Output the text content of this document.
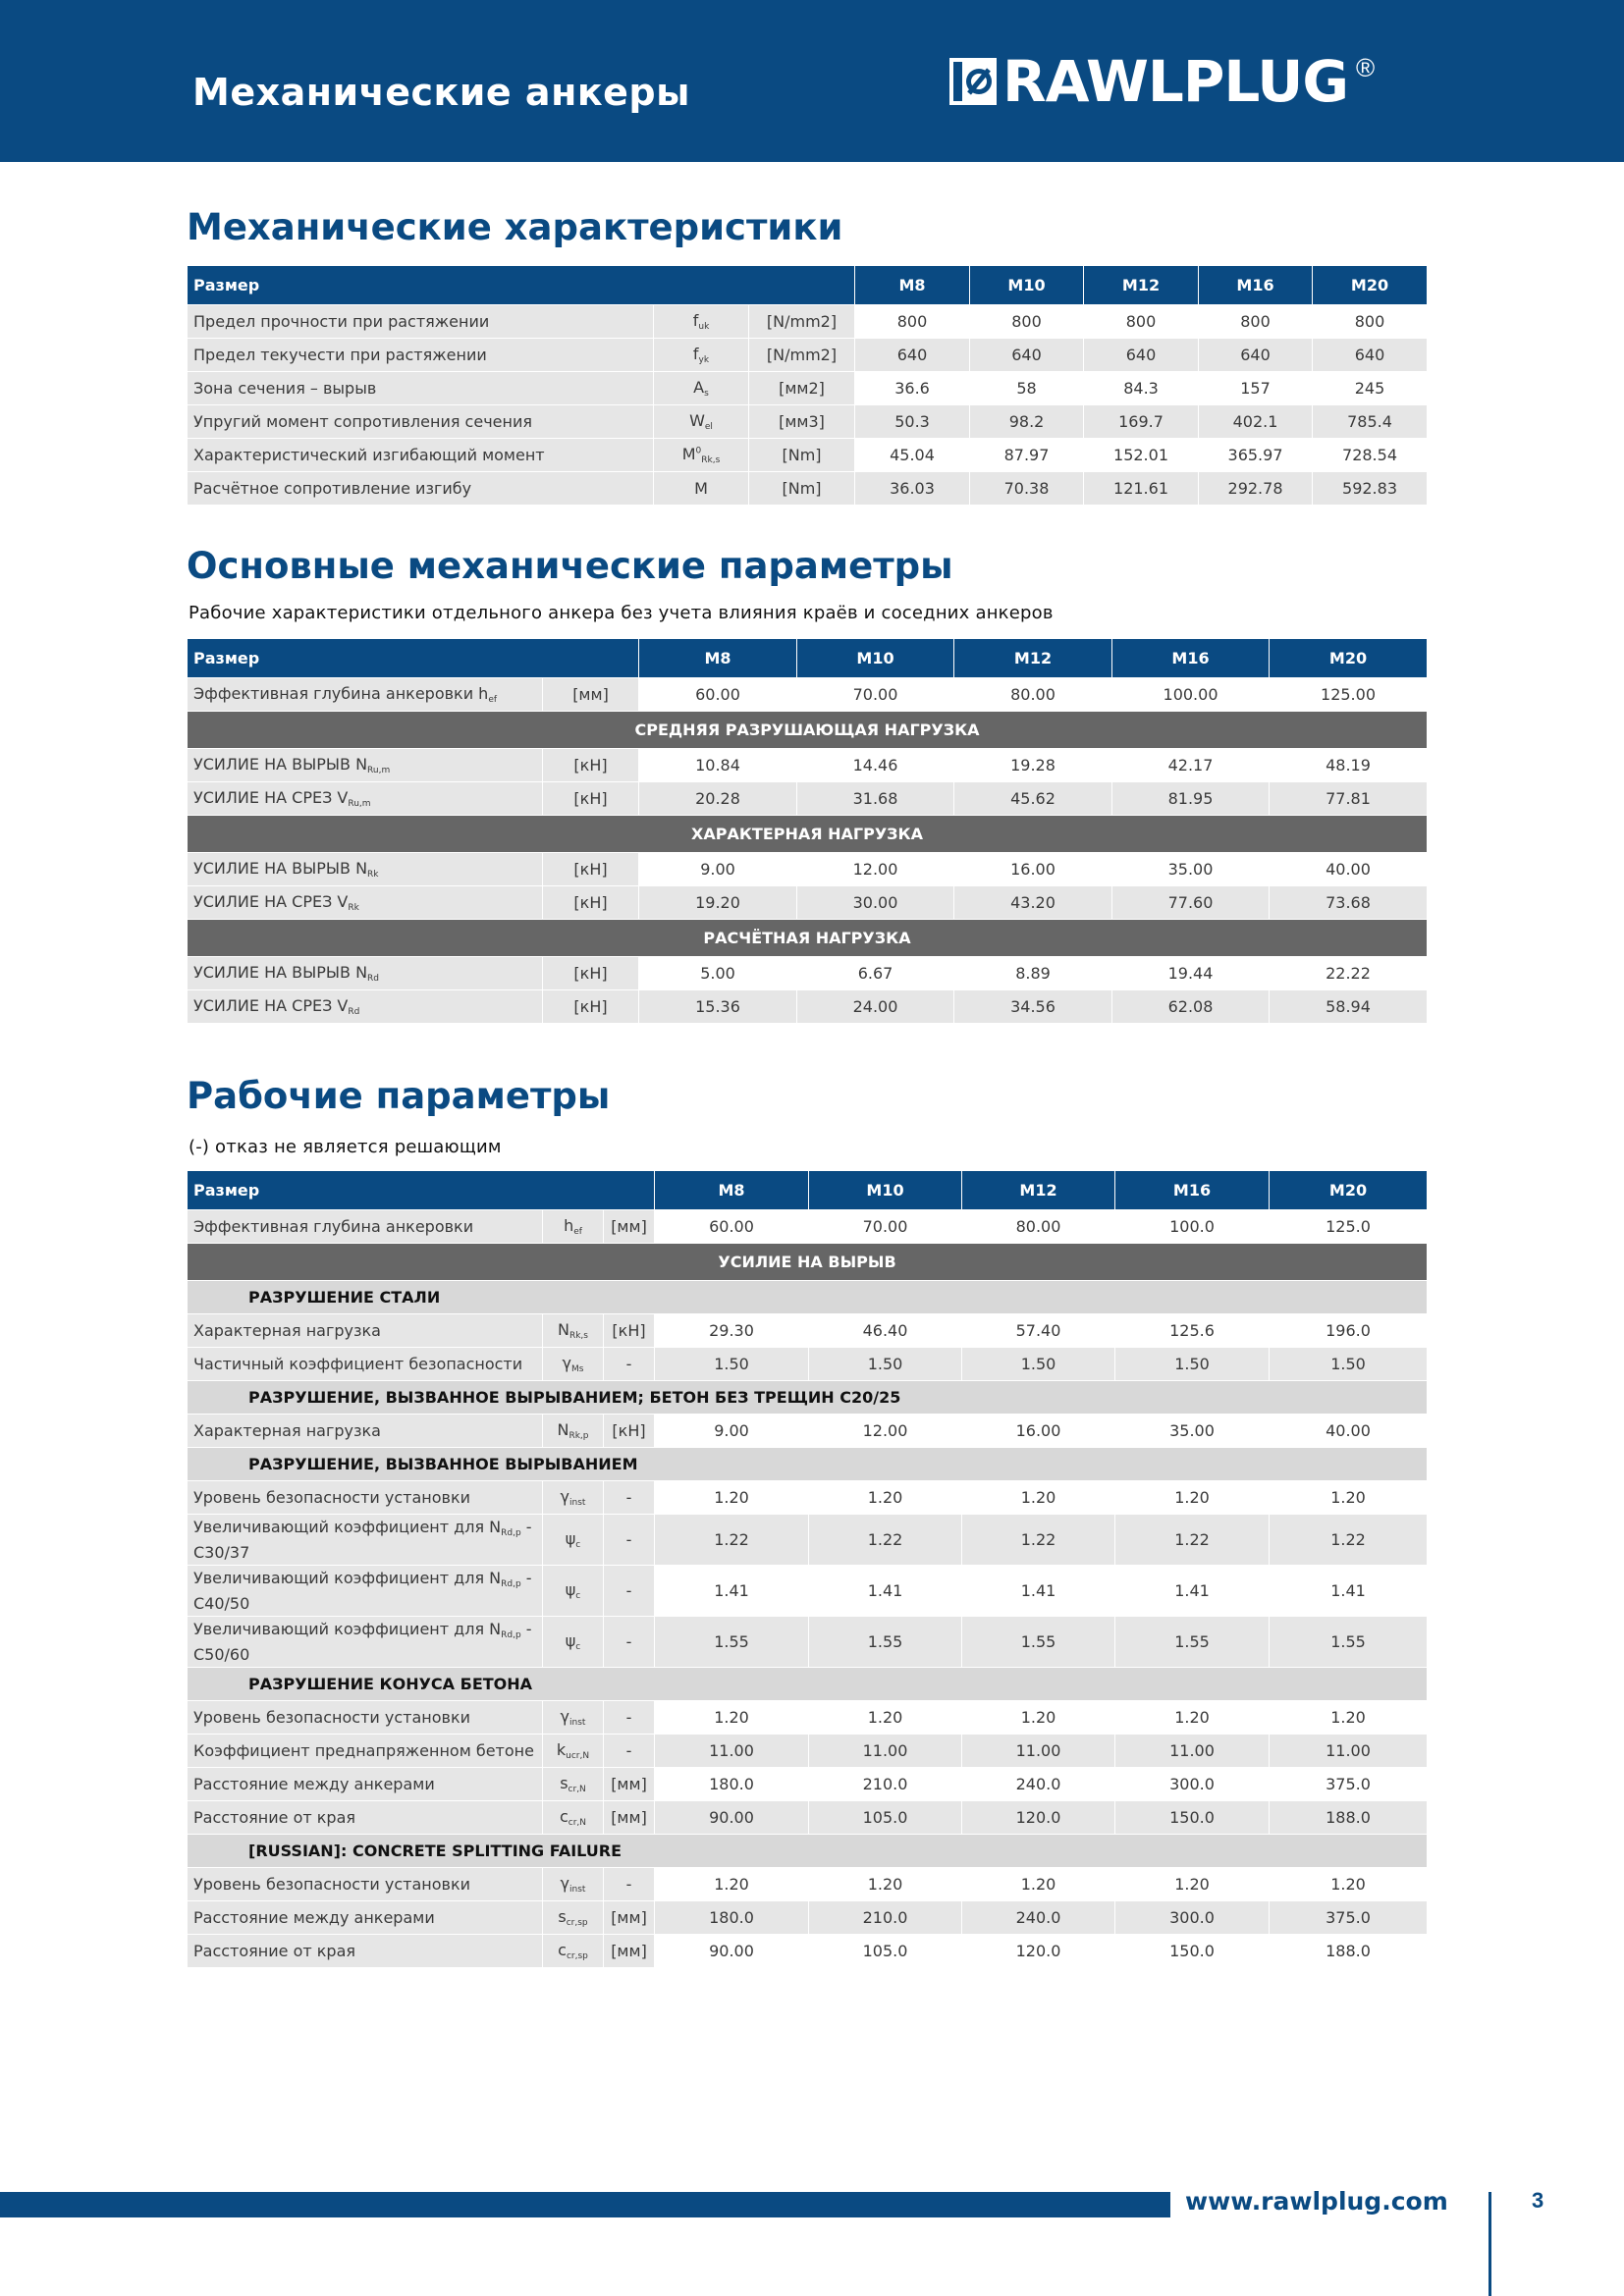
Механические анкеры	RAWLPLUG ®
Механические характеристики
Размер			M8	M10	M12	M16	M20
Предел прочности при растяжении	$f_{uk}$	[N/mm2]	800	800	800	800	800
Предел текучести при растяжении	$f_{yk}$	[N/mm2]	640	640	640	640	640
Зона сечения – вырыв	$A_s$	[мм2]	36.6	58	84.3	157	245
Упругий момент сопротивления сечения	$W_{el}$	[мм3]	50.3	98.2	169.7	402.1	785.4
Характеристический изгибающий момент	$M^0_{Rk,s}$	[Nm]	45.04	87.97	152.01	365.97	728.54
Расчётное сопротивление изгибу	M	[Nm]	36.03	70.38	121.61	292.78	592.83
Основные механические параметры
Рабочие характеристики отдельного анкера без учета влияния краёв и соседних анкеров
Размер		M8	M10	M12	M16	M20
Эффективная глубина анкеровки $h_{ef}$	[мм]	60.00	70.00	80.00	100.00	125.00
СРЕДНЯЯ РАЗРУШАЮЩАЯ НАГРУЗКА						
УСИЛИЕ НА ВЫРЫВ $N_{Ru,m}$	[кН]	10.84	14.46	19.28	42.17	48.19
УСИЛИЕ НА СРЕЗ $V_{Ru,m}$	[кН]	20.28	31.68	45.62	81.95	77.81
ХАРАКТЕРНАЯ НАГРУЗКА						
УСИЛИЕ НА ВЫРЫВ $N_{Rk}$	[кН]	9.00	12.00	16.00	35.00	40.00
УСИЛИЕ НА СРЕЗ $V_{Rk}$	[кН]	19.20	30.00	43.20	77.60	73.68
РАСЧЁТНАЯ НАГРУЗКА						
УСИЛИЕ НА ВЫРЫВ $N_{Rd}$	[кН]	5.00	6.67	8.89	19.44	22.22
УСИЛИЕ НА СРЕЗ $V_{Rd}$	[кН]	15.36	24.00	34.56	62.08	58.94
Рабочие параметры
(-) отказ не является решающим
Размер			M8	M10	M12	M16	M20
Эффективная глубина анкеровки	$h_{ef}$	[мм]	60.00	70.00	80.00	100.0	125.0
УСИЛИЕ НА ВЫРЫВ							
РАЗРУШЕНИЕ СТАЛИ							
Характерная нагрузка	$N_{Rk,s}$	[кН]	29.30	46.40	57.40	125.6	196.0
Частичный коэффициент безопасности	$\gamma_{Ms}$	-	1.50	1.50	1.50	1.50	1.50
РАЗРУШЕНИЕ, ВЫЗВАННОЕ ВЫРЫВАНИЕМ; БЕТОН БЕЗ ТРЕЩИН С20/25							
Характерная нагрузка	$N_{Rk,p}$	[кН]	9.00	12.00	16.00	35.00	40.00
РАЗРУШЕНИЕ, ВЫЗВАННОЕ ВЫРЫВАНИЕМ							
Уровень безопасности установки	$\gamma_{inst}$	-	1.20	1.20	1.20	1.20	1.20
Увеличивающий коэффициент для $N_{Rd,p} - C30/37$	$\psi_c$	-	1.22	1.22	1.22	1.22	1.22
Увеличивающий коэффициент для $N_{Rd,p} - C40/50$	$\psi_c$	-	1.41	1.41	1.41	1.41	1.41
Увеличивающий коэффициент для $N_{Rd,p} - C50/60$	$\psi_c$	-	1.55	1.55	1.55	1.55	1.55
РАЗРУШЕНИЕ КОНУСА БЕТОНА							
Уровень безопасности установки	$\gamma_{inst}$	-	1.20	1.20	1.20	1.20	1.20
Коэффициент преднапряженном бетоне	$k_{ucr,N}$	-	11.00	11.00	11.00	11.00	11.00
Расстояние между анкерами	$s_{cr,N}$	[мм]	180.0	210.0	240.0	300.0	375.0
Расстояние от края	$c_{cr,N}$	[мм]	90.00	105.0	120.0	150.0	188.0
[RUSSIAN]: CONCRETE SPLITTING FAILURE							
Уровень безопасности установки	$\gamma_{inst}$	-	1.20	1.20	1.20	1.20	1.20
Расстояние между анкерами	$s_{cr,sp}$	[мм]	180.0	210.0	240.0	300.0	375.0
Расстояние от края	$c_{cr,sp}$	[мм]	90.00	105.0	120.0	150.0	188.0
www.rawlplug.com	3
